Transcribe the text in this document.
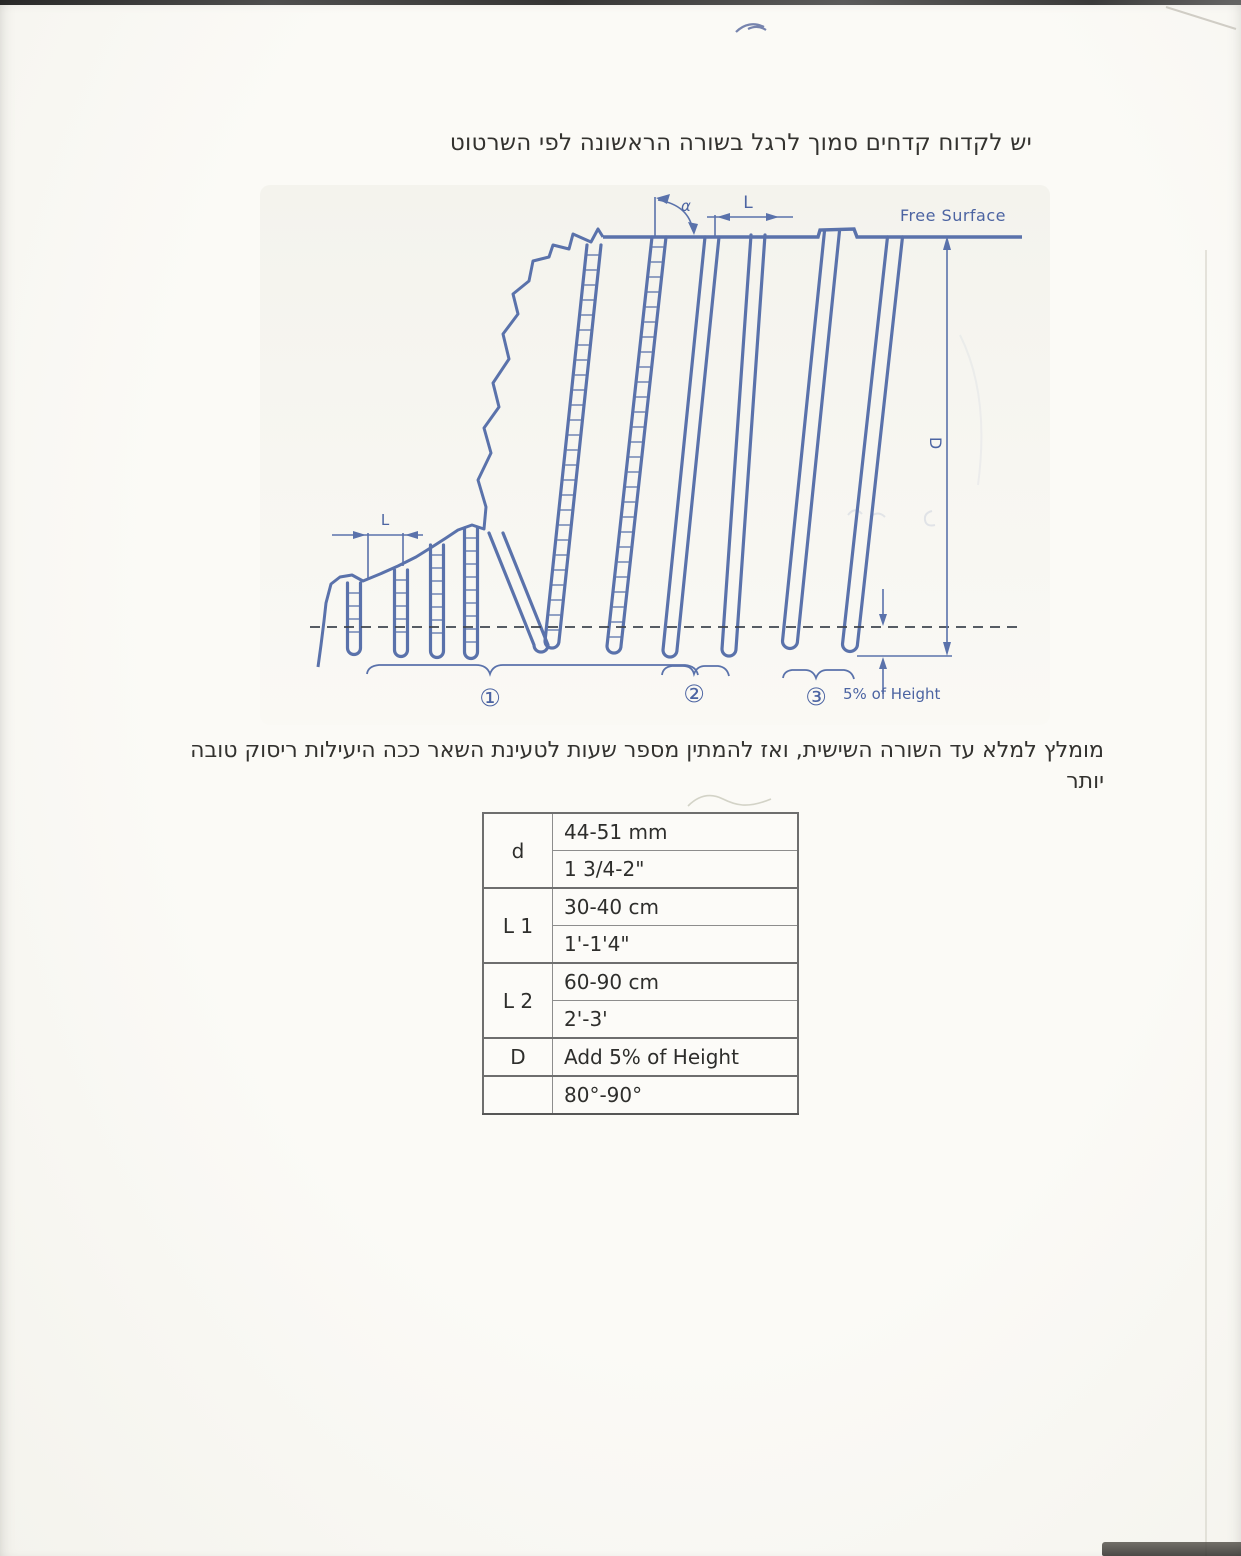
יש לקדוח קדחים סמוך לרגל בשורה הראשונה לפי השרטוט
α	L
L
D
5% of Height
Free Surface
①	②	③
מומלץ למלא עד השורה השישית, ואז להמתין מספר שעות לטעינת השאר ככה היעילות ריסוק טובה
יותר
d	44-51 mm
	1 3/4-2"
L 1	30-40 cm
	1'-1'4"
L 2	60-90 cm
	2'-3'
D	Add 5% of Height
	80°-90°
